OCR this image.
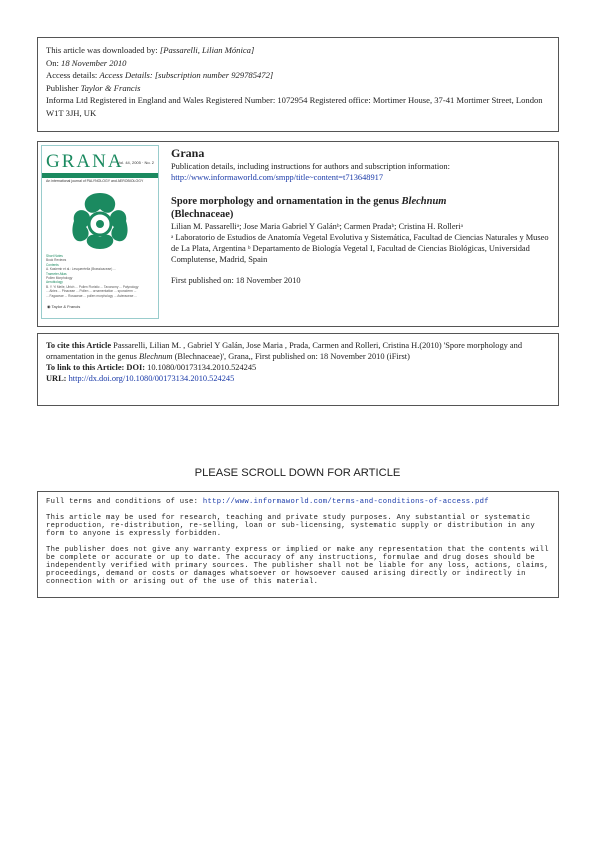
This article was downloaded by: [Passarelli, Lilian Mónica]
On: 18 November 2010
Access details: Access Details: [subscription number 929785472]
Publisher Taylor & Francis
Informa Ltd Registered in England and Wales Registered Number: 1072954 Registered office: Mortimer House, 37-41 Mortimer Street, London W1T 3JH, UK
GRANA
Vol. 44, 2005 · No. 2
An international journal of PALYNOLOGY and AEROBIOLOGY
Short Notes
Book Reviews
Contents
A. Kasiemir et al.: Lesqueréella (Brassicaceae) ...
Trameter Atlas
Pollen Morphology
Aerobiology
B. Y. Yi Meile, Ulrich ... Pollen Floristic ... Taxonomy ... Palynology
... Abies ... Pinaceae ... Pollen ... ornamentation ... sporoderm ...
... Fagaceae ... Rosaceae ... pollen morphology ... Asteraceae ...
◉ Taylor & Francis
Grana
Publication details, including instructions for authors and subscription information:
http://www.informaworld.com/smpp/title~content=t713648917
Spore morphology and ornamentation in the genus Blechnum
(Blechnaceae)
Lilian M. Passarelliᵃ; Jose Maria Gabriel Y Galánᵇ; Carmen Pradaᵇ; Cristina H. Rolleriᵃ
ᵃ Laboratorio de Estudios de Anatomía Vegetal Evolutiva y Sistemática, Facultad de Ciencias Naturales y Museo de La Plata, Argentina ᵇ Departamento de Biología Vegetal I, Facultad de Ciencias Biológicas, Universidad Complutense, Madrid, Spain
First published on: 18 November 2010
To cite this Article Passarelli, Lilian M. , Gabriel Y Galán, Jose Maria , Prada, Carmen and Rolleri, Cristina H.(2010) 'Spore morphology and ornamentation in the genus Blechnum (Blechnaceae)', Grana,, First published on: 18 November 2010 (iFirst)
To link to this Article: DOI: 10.1080/00173134.2010.524245
URL: http://dx.doi.org/10.1080/00173134.2010.524245
PLEASE SCROLL DOWN FOR ARTICLE

Full terms and conditions of use: http://www.informaworld.com/terms-and-conditions-of-access.pdf

This article may be used for research, teaching and private study purposes. Any substantial or systematic reproduction, re-distribution, re-selling, loan or sub-licensing, systematic supply or distribution in any form to anyone is expressly forbidden.

The publisher does not give any warranty express or implied or make any representation that the contents will be complete or accurate or up to date. The accuracy of any instructions, formulae and drug doses should be independently verified with primary sources. The publisher shall not be liable for any loss, actions, claims, proceedings, demand or costs or damages whatsoever or howsoever caused arising directly or indirectly in connection with or arising out of the use of this material.
